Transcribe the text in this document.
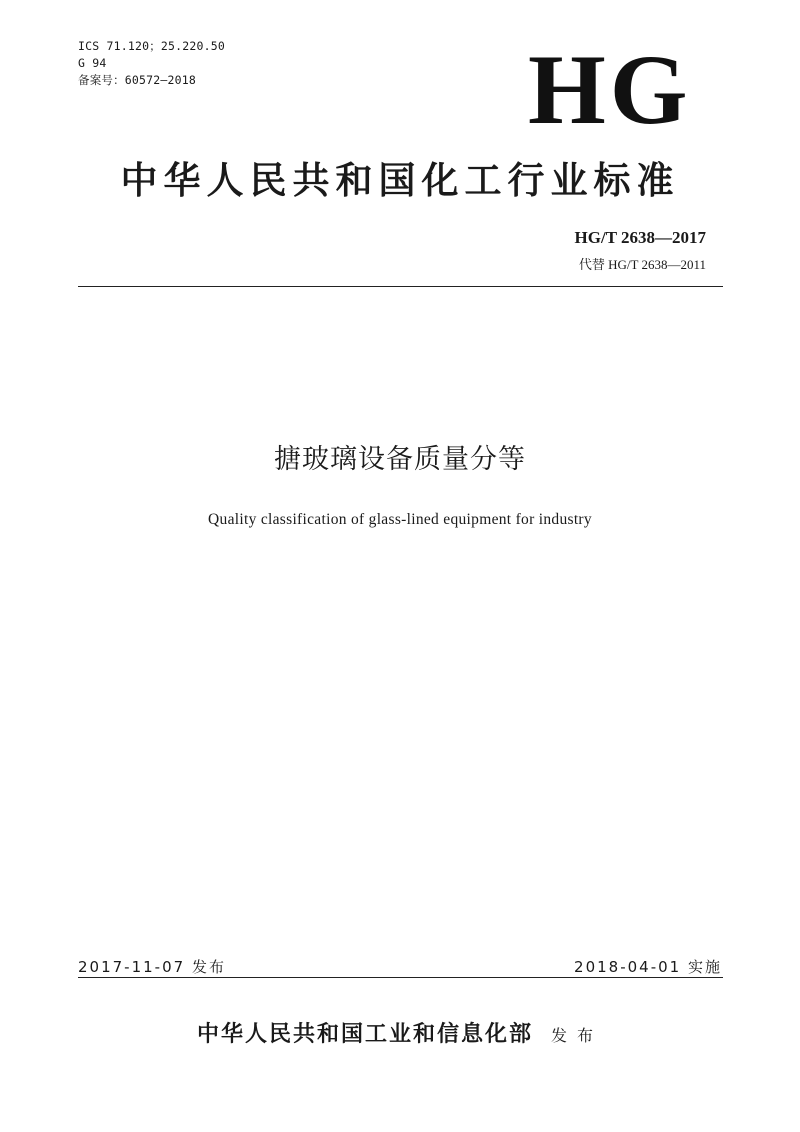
ICS 71.120；25.220.50
G 94
备案号：60572—2018	HG
中华人民共和国化工行业标准
HG/T 2638—2017
代替 HG/T 2638—2011
搪玻璃设备质量分等
Quality classification of glass-lined equipment for industry
2017-11-07 发布	2018-04-01 实施
中华人民共和国工业和信息化部 发布
